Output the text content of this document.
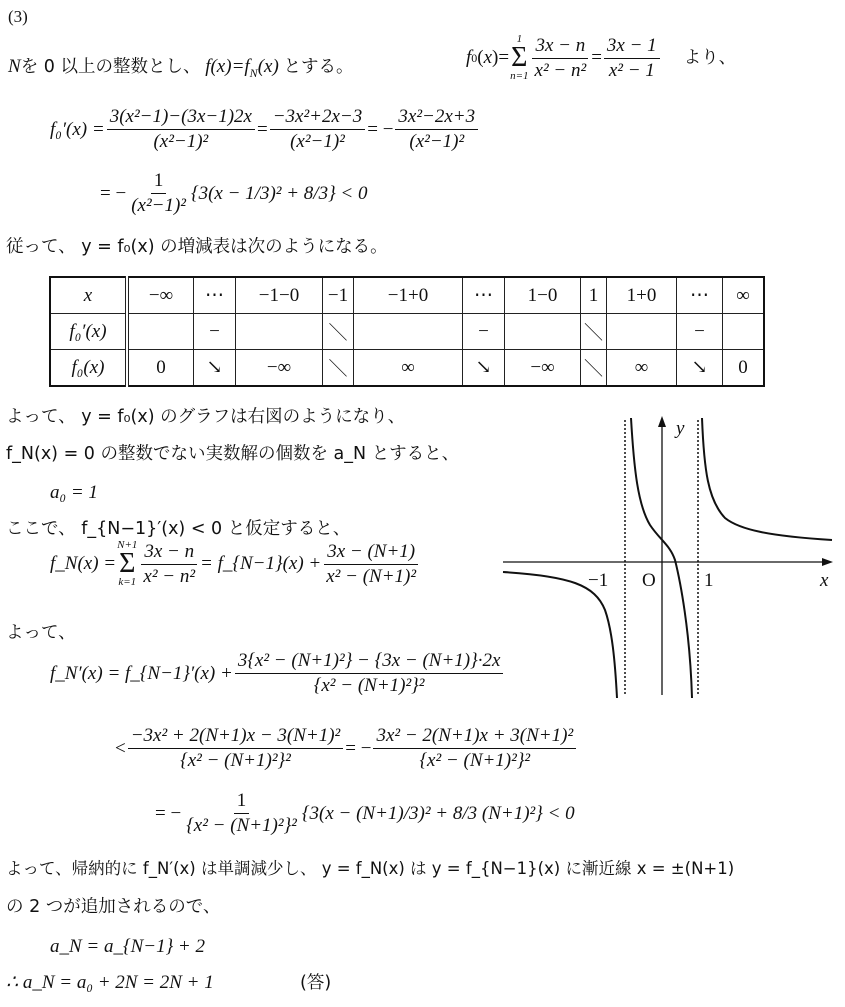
(3)
Nを 0 以上の整数とし、 $f(x)=f_N(x)$ とする。	f 0 ( x )=
1
Σ
$n=1 \frac{3x - n}{\text{x² − n²}} = \frac{3x - 1}{\text{x² − 1}}$ より、
$f_0'(x) = \frac{\text{3(x²−1)−(3x−1)2x}}{\text{(x²−1)²}} = \frac{\text{−3x²+2x−3}}{\text{(x²−1)²}}$ = − $\frac{\text{3x²−2x+3}}{\text{(x²−1)²}}$
= − $\frac{1}{\text{(x²−1)²}} \{3(x - 1/3)^2 + 8/3\} < 0$
従って、 y = f₀(x) の増減表は次のようになる。
x	−∞	⋯	−1−0	−1	−1+0	⋯	1−0	1	1+0	⋯	∞
f₀′(x)		−		＼		−		＼		−	
f₀(x)	0	↘	−∞	＼	∞	↘	−∞	＼	∞	↘	0
よって、 y = f₀(x) のグラフは右図のようになり、
f_N(x) = 0 の整数でない実数解の個数を a_N とすると、
a₀ = 1
ここで、 f_{N−1}′(x) < 0 と仮定すると、
f_N(x) =
N+1
Σ
$k=1 \frac{3x - n}{\text{x² − n²}}$ = f_{N−1}(x) + $\frac{3x - (N+1)}{\text{x² − (N+1)²}}$
よって、
f_N′(x) = f_{N−1}′(x) + $\frac{\text{3\{x² − (N+1)²\} − \{3x − (N+1)\}·2x}}{\text{\{x² − (N+1)²\}²}}$
< $\frac{\text{−3x² + 2(N+1)x − 3(N+1)²}}{\text{\{x² − (N+1)²\}²}}$ = − $\frac{\text{3x² − 2(N+1)x + 3(N+1)²}}{\text{\{x² − (N+1)²\}²}}$
= − $\frac{1}{\text{\{x² − (N+1)²\}²}} \{3(x - (N+1)/3)^2 + 8/3$ (N+1)²} < 0
よって、帰納的に f_N′(x) は単調減少し、 y = f_N(x) は y = f_{N−1}(x) に漸近線 x = ±(N+1)
の 2 つが追加されるので、
a_N = a_{N−1} + 2
∴ a_N = a₀ + 2N = 2N + 1	(答)
y
x
O
−1	1
